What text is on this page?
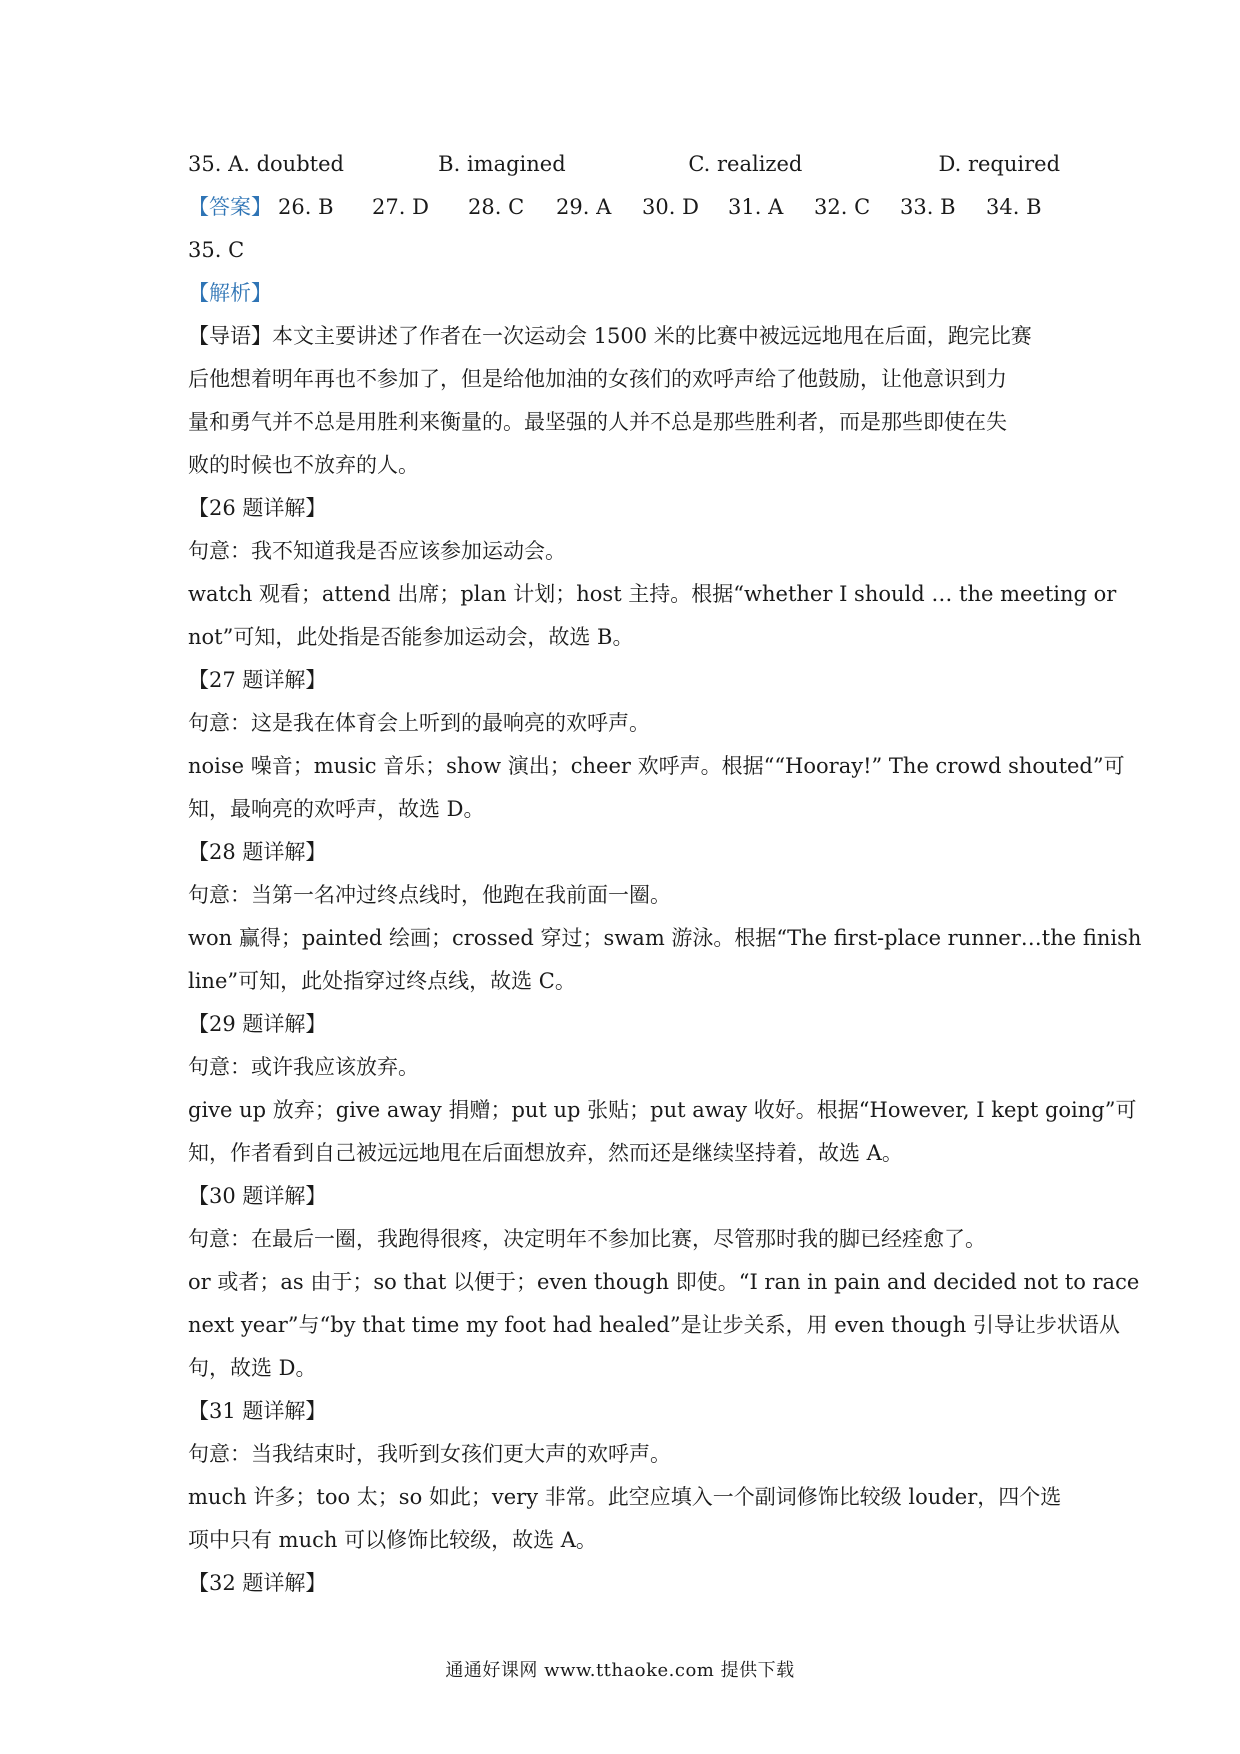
35. A. doubted	B. imagined	C. realized	D. required
【答案】 26. B	27. D	28. C	29. A	30. D	31. A	32. C	33. B	34. B
35. C
【解析】
【导语】本文主要讲述了作者在一次运动会 1500 米的比赛中被远远地甩在后面，跑完比赛
后他想着明年再也不参加了，但是给他加油的女孩们的欢呼声给了他鼓励，让他意识到力
量和勇气并不总是用胜利来衡量的。最坚强的人并不总是那些胜利者，而是那些即使在失
败的时候也不放弃的人。
【26 题详解】
句意：我不知道我是否应该参加运动会。
watch 观看；attend 出席；plan 计划；host 主持。根据“whether I should … the meeting or
not”可知，此处指是否能参加运动会，故选 B。
【27 题详解】
句意：这是我在体育会上听到的最响亮的欢呼声。
noise 噪音；music 音乐；show 演出；cheer 欢呼声。根据““Hooray!” The crowd shouted”可
知，最响亮的欢呼声，故选 D。
【28 题详解】
句意：当第一名冲过终点线时，他跑在我前面一圈。
won 赢得；painted 绘画；crossed 穿过；swam 游泳。根据“The first-place runner…the finish
line”可知，此处指穿过终点线，故选 C。
【29 题详解】
句意：或许我应该放弃。
give up 放弃；give away 捐赠；put up 张贴；put away 收好。根据“However, I kept going”可
知，作者看到自己被远远地甩在后面想放弃，然而还是继续坚持着，故选 A。
【30 题详解】
句意：在最后一圈，我跑得很疼，决定明年不参加比赛，尽管那时我的脚已经痊愈了。
or 或者；as 由于；so that 以便于；even though 即使。“I ran in pain and decided not to race
next year”与“by that time my foot had healed”是让步关系，用 even though 引导让步状语从
句，故选 D。
【31 题详解】
句意：当我结束时，我听到女孩们更大声的欢呼声。
much 许多；too 太；so 如此；very 非常。此空应填入一个副词修饰比较级 louder，四个选
项中只有 much 可以修饰比较级，故选 A。
【32 题详解】
通通好课网 www.tthaoke.com 提供下载
